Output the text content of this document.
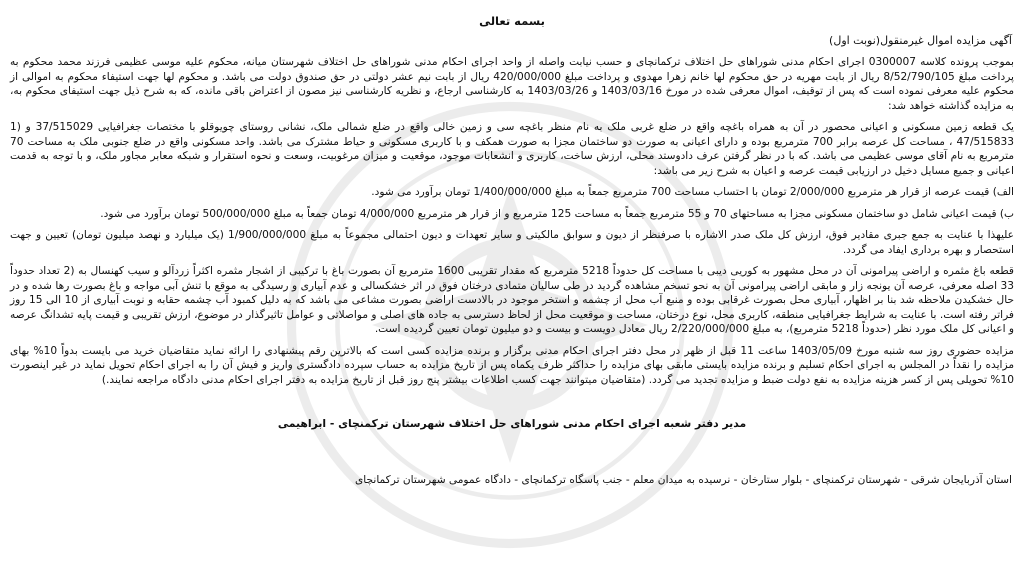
بسمه تعالی
آگهی مزایده اموال غیرمنقول(نوبت اول)
بموجب پرونده کلاسه 0300007 اجرای احکام مدنی شوراهای حل اختلاف ترکمانچای و حسب نیابت واصله از واحد اجرای احکام مدنی شوراهای حل اختلاف شهرستان میانه، محکوم علیه موسی عظیمی فرزند محمد محکوم به پرداخت مبلغ 8/52/790/105 ریال از بابت مهریه در حق محکوم لها خانم زهرا مهدوی و پرداخت مبلغ 420/000/000 ریال از بابت نیم عشر دولتی در حق صندوق دولت می باشد. و محکوم لها جهت استیفاء محکوم به اموالی از محکوم علیه معرفی نموده است که پس از توقیف، اموال معرفی شده در مورخ 1403/03/16 و 1403/03/26 به کارشناسی ارجاع، و نظریه کارشناسی نیز مصون از اعتراض باقی مانده، که به شرح ذیل جهت استیفای محکوم به، به مزایده گذاشته خواهد شد:
یک قطعه زمین مسکونی و اعیانی محصور در آن به همراه باغچه واقع در ضلع غربی ملک به نام منظر باغچه سی و زمین خالی واقع در ضلع شمالی ملک، نشانی روستای چویوقلو با مختصات جغرافیایی 37/515029 و (1 47/515833 ، مساحت کل عرصه برابر 700 مترمربع بوده و دارای اعیانی به صورت دو ساختمان مجزا به صورت همکف و با کاربری مسکونی و حیاط مشترک می باشد. واحد مسکونی واقع در ضلع جنوبی ملک به مساحت 70 مترمربع به نام آقای موسی عظیمی می باشد. که با در نظر گرفتن عرف دادوستد محلی، ارزش ساخت، کاربری و انشعابات موجود، موقعیت و میزان مرغوبیت، وسعت و نحوه استقرار و شبکه معابر مجاور ملک، و با توجه به قدمت اعیانی و جمیع مسایل دخیل در ارزیابی قیمت عرصه و اعیان به شرح زیر می باشد:
الف) قیمت عرصه از قرار هر مترمربع 2/000/000 تومان با احتساب مساحت 700 مترمربع جمعاً به مبلغ 1/400/000/000 تومان برآورد می شود.
ب) قیمت اعیانی شامل دو ساختمان مسکونی مجزا به مساحتهای 70 و 55 مترمربع جمعاً به مساحت 125 مترمربع و از قرار هر مترمربع 4/000/000 تومان جمعاً به مبلغ 500/000/000 تومان برآورد می شود.
علیهذا با عنایت به جمع جبری مقادیر فوق، ارزش کل ملک صدر الاشاره با صرفنظر از دیون و سوابق مالکیتی و سایر تعهدات و دیون احتمالی مجموعاً به مبلغ 1/900/000/000 (یک میلیارد و نهصد میلیون تومان) تعیین و جهت استحصار و بهره برداری ایفاد می گردد.
قطعه باغ مثمره و اراضی پیرامونی آن در محل مشهور به کوریی دیبی با مساحت کل حدوداً 5218 مترمربع که مقدار تقریبی 1600 مترمربع آن بصورت باغ با ترکیبی از اشجار مثمره اکثراً زردآلو و سیب کهنسال به (2 تعداد حدوداً 33 اصله معرفی، عرصه آن یونجه زار و مابقی اراضی پیرامونی آن به نحو تسخم مشاهده گردید در طی سالیان متمادی درختان فوق در اثر خشکسالی و عدم آبیاری و رسیدگی به موقع با تنش آبی مواجه و باغ بصورت رها شده و در حال خشکیدن ملاحظه شد بنا بر اظهار، آبیاری محل بصورت غرقابی بوده و منبع آب محل از چشمه و استخر موجود در بالادست اراضی بصورت مشاعی می باشد که به دلیل کمبود آب چشمه حقابه و نوبت آبیاری از 10 الی 15 روز فراتر رفته است. با عنایت به شرایط جغرافیایی منطقه، کاربری محل، نوع درختان، مساحت و موقعیت محل از لحاظ دسترسی به جاده های اصلی و مواصلاتی و عوامل تاثیرگذار در موضوع، ارزش تقریبی و قیمت پایه تشدانگ عرصه و اعیانی کل ملک مورد نظر (حدوداً 5218 مترمربع)، به مبلغ 2/220/000/000 ریال معادل دویست و بیست و دو میلیون تومان تعیین گردیده است.
مزایده حضوری روز سه شنبه مورخ 1403/05/09 ساعت 11 قبل از ظهر در محل دفتر اجرای احکام مدنی برگزار و برنده مزایده کسی است که بالاترین رقم پیشنهادی را ارائه نماید متقاضیان خرید می بایست بدواً 10% بهای مزایده را نقداً در المجلس به اجرای احکام تسلیم و برنده مزایده بایستی مابقی بهای مزایده را حداکثر ظرف یکماه پس از تاریخ مزایده به حساب سپرده دادگستری واریز و فیش آن را به اجرای احکام تحویل نماید در غیر اینصورت 10% تحویلی پس از کسر هزینه مزایده به نفع دولت ضبط و مزایده تجدید می گردد. (متقاضیان میتوانند جهت کسب اطلاعات بیشتر پنج روز قبل از تاریخ مزایده به دفتر اجرای احکام مدنی دادگاه مراجعه نمایند.)
مدیر دفتر شعبه اجرای احکام مدنی شوراهای حل اختلاف شهرستان ترکمنچای - ابراهیمی
استان آذربایجان شرقی - شهرستان ترکمنچای - بلوار ستارخان - نرسیده به میدان معلم - جنب پاسگاه ترکمانچای - دادگاه عمومی شهرستان ترکمانچای
